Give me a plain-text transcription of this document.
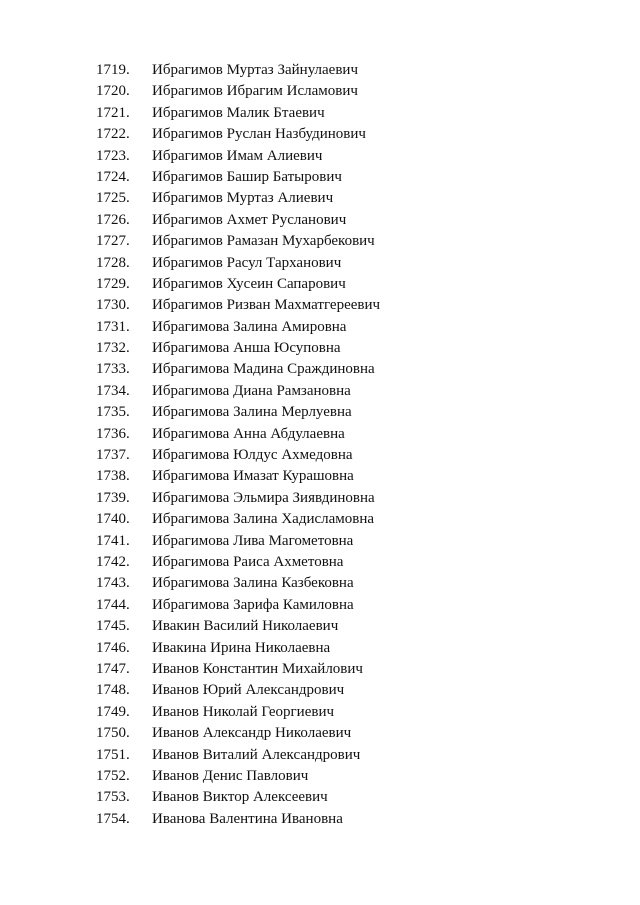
1719.	Ибрагимов Муртаз Зайнулаевич
1720.	Ибрагимов Ибрагим Исламович
1721.	Ибрагимов Малик Бтаевич
1722.	Ибрагимов Руслан Назбудинович
1723.	Ибрагимов Имам Алиевич
1724.	Ибрагимов Башир Батырович
1725.	Ибрагимов Муртаз Алиевич
1726.	Ибрагимов Ахмет Русланович
1727.	Ибрагимов Рамазан Мухарбекович
1728.	Ибрагимов Расул Тарханович
1729.	Ибрагимов Хусеин Сапарович
1730.	Ибрагимов Ризван Махматгереевич
1731.	Ибрагимова Залина Амировна
1732.	Ибрагимова Анша Юсуповна
1733.	Ибрагимова Мадина Сраждиновна
1734.	Ибрагимова Диана Рамзановна
1735.	Ибрагимова Залина Мерлуевна
1736.	Ибрагимова Анна Абдулаевна
1737.	Ибрагимова Юлдус Ахмедовна
1738.	Ибрагимова Имазат Курашовна
1739.	Ибрагимова Эльмира Зиявдиновна
1740.	Ибрагимова Залина Хадисламовна
1741.	Ибрагимова Лива Магометовна
1742.	Ибрагимова Раиса Ахметовна
1743.	Ибрагимова Залина Казбековна
1744.	Ибрагимова Зарифа Камиловна
1745.	Ивакин Василий Николаевич
1746.	Ивакина Ирина Николаевна
1747.	Иванов Константин Михайлович
1748.	Иванов Юрий Александрович
1749.	Иванов Николай Георгиевич
1750.	Иванов Александр Николаевич
1751.	Иванов Виталий Александрович
1752.	Иванов Денис Павлович
1753.	Иванов Виктор Алексеевич
1754.	Иванова Валентина Ивановна
